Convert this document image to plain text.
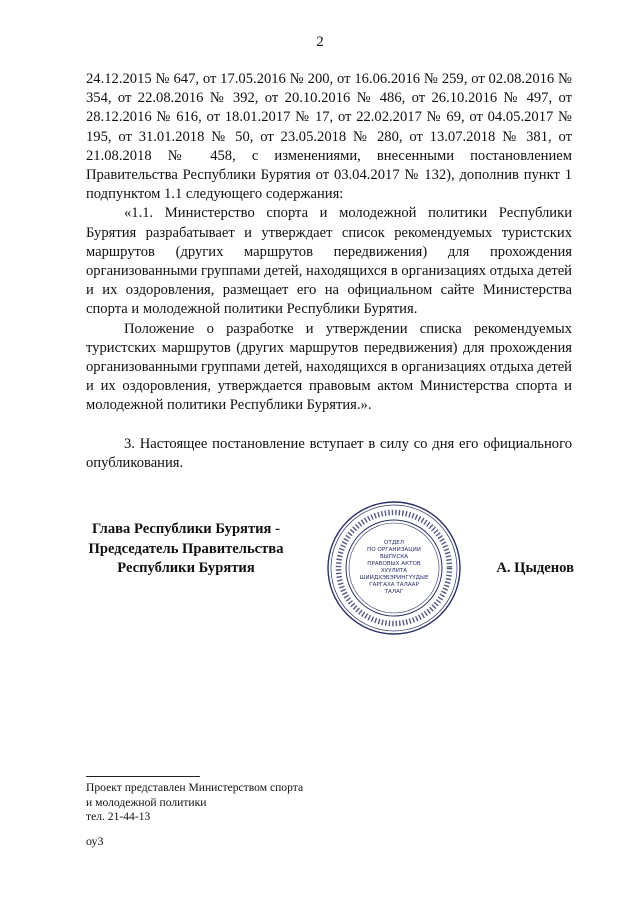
2

24.12.2015 № 647, от 17.05.2016 № 200, от 16.06.2016 № 259, от 02.08.2016 № 354, от 22.08.2016 № 392, от 20.10.2016 № 486, от 26.10.2016 № 497, от 28.12.2016 № 616, от 18.01.2017 № 17, от 22.02.2017 № 69, от 04.05.2017 № 195, от 31.01.2018 № 50, от 23.05.2018 № 280, от 13.07.2018 № 381, от 21.08.2018 № 458, с изменениями, внесенными постановлением Правительства Республики Бурятия от 03.04.2017 № 132), дополнив пункт 1 подпунктом 1.1 следующего содержания:

«1.1. Министерство спорта и молодежной политики Республики Бурятия разрабатывает и утверждает список рекомендуемых туристских маршрутов (других маршрутов передвижения) для прохождения организованными группами детей, находящихся в организациях отдыха детей и их оздоровления, размещает его на официальном сайте Министерства спорта и молодежной политики Республики Бурятия.

Положение о разработке и утверждении списка рекомендуемых туристских маршрутов (других маршрутов передвижения) для прохождения организованными группами детей, находящихся в организациях отдыха детей и их оздоровления, утверждается правовым актом Министерства спорта и молодежной политики Республики Бурятия.».

3. Настоящее постановление вступает в силу со дня его официального опубликования.

Глава Республики Бурятия -
Председатель Правительства
Республики Бурятия
ОТДЕЛ
ПО ОРГАНИЗАЦИИ
ВЫПУСКА
ПРАВОВЫХ АКТОВ
ХУУЛИТА
ШИИДХЭБЭРИНГҮҮДЫЕ
ГАРГАХА ТАЛААР
ТАЛАГ
А. Цыденов
Проект представлен Министерством спорта
и молодежной политики
тел. 21-44-13
оу3
